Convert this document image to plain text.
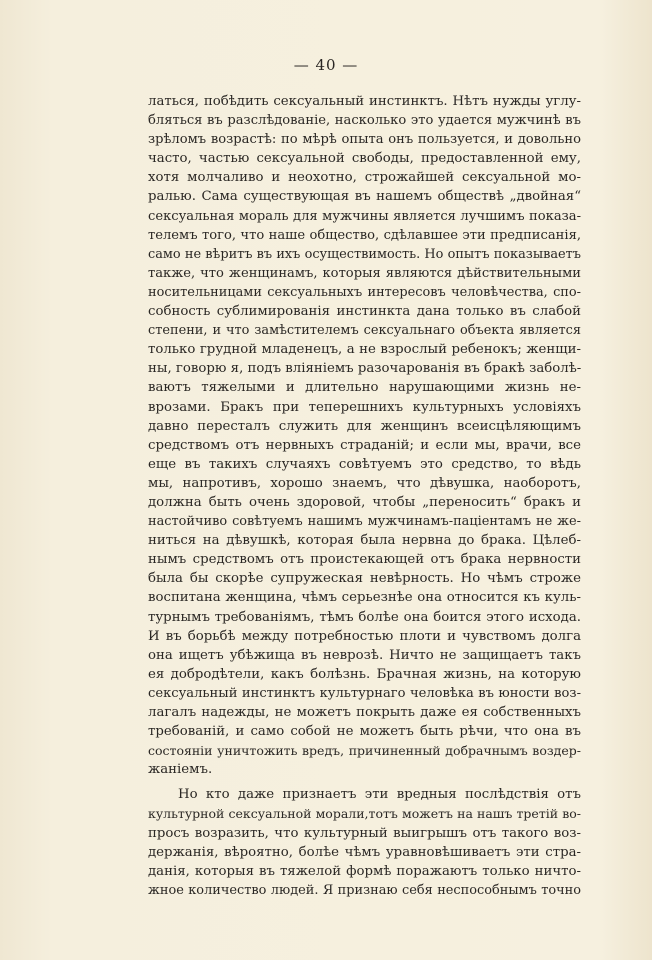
— 40 —

латься, побѣдить сексуальный инстинктъ. Нѣтъ нужды углу-
бляться въ разслѣдованіе, насколько это удается мужчинѣ въ
зрѣломъ возрастѣ: по мѣрѣ опыта онъ пользуется, и довольно
часто, частью сексуальной свободы, предоставленной ему,
хотя молчаливо и неохотно, строжайшей сексуальной мо-
ралью. Сама существующая въ нашемъ обществѣ „двойная“
сексуальная мораль для мужчины является лучшимъ показа-
телемъ того, что наше общество, сдѣлавшее эти предписанія,
само не вѣритъ въ ихъ осуществимость. Но опытъ показываетъ
также, что женщинамъ, которыя являются дѣйствительными
носительницами сексуальныхъ интересовъ человѣчества, спо-
собность сублимированія инстинкта дана только въ слабой
степени, и что замѣстителемъ сексуальнаго объекта является
только грудной младенецъ, а не взрослый ребенокъ; женщи-
ны, говорю я, подъ вліяніемъ разочарованія въ бракѣ заболѣ-
ваютъ тяжелыми и длительно нарушающими жизнь не-
врозами. Бракъ при теперешнихъ культурныхъ условіяхъ
давно пересталъ служить для женщинъ всеисцѣляющимъ
средствомъ отъ нервныхъ страданій; и если мы, врачи, все
еще въ такихъ случаяхъ совѣтуемъ это средство, то вѣдь
мы, напротивъ, хорошо знаемъ, что дѣвушка, наоборотъ,
должна быть очень здоровой, чтобы „переносить“ бракъ и
настойчиво совѣтуемъ нашимъ мужчинамъ-паціентамъ не же-
ниться на дѣвушкѣ, которая была нервна до брака. Цѣлеб-
нымъ средствомъ отъ проистекающей отъ брака нервности
была бы скорѣе супружеская невѣрность. Но чѣмъ строже
воспитана женщина, чѣмъ серьезнѣе она относится къ куль-
турнымъ требованіямъ, тѣмъ болѣе она боится этого исхода.
И въ борьбѣ между потребностью плоти и чувствомъ долга
она ищетъ убѣжища въ неврозѣ. Ничто не защищаетъ такъ
ея добродѣтели, какъ болѣзнь. Брачная жизнь, на которую
сексуальный инстинктъ культурнаго человѣка въ юности воз-
лагалъ надежды, не можетъ покрыть даже ея собственныхъ
требованій, и само собой не можетъ быть рѣчи, что она въ
состояніи уничтожить вредъ, причиненный добрачнымъ воздер-
жаніемъ.

Но кто даже признаетъ эти вредныя послѣдствія отъ
культурной сексуальной морали,тотъ можетъ на нашъ третій во-
просъ возразить, что культурный выигрышъ отъ такого воз-
держанія, вѣроятно, болѣе чѣмъ уравновѣшиваетъ эти стра-
данія, которыя въ тяжелой формѣ поражаютъ только ничто-
жное количество людей. Я признаю себя неспособнымъ точно
